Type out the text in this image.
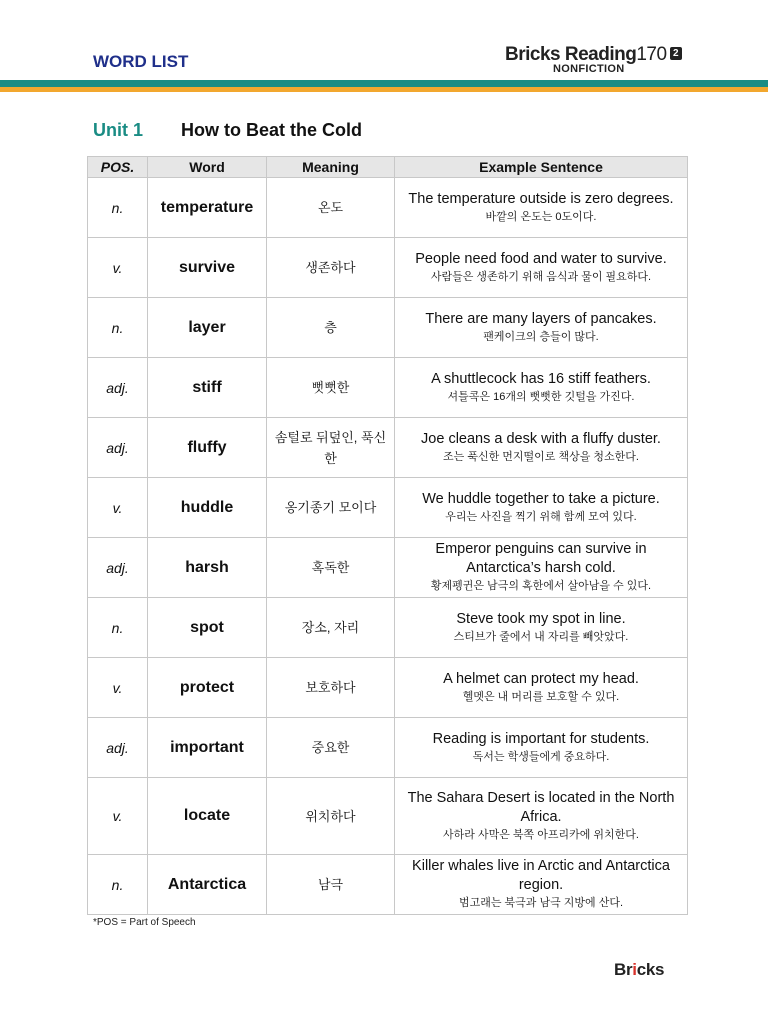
WORD LIST	Bricks Reading170 2
NONFICTION
Unit 1 How to Beat the Cold
POS.	Word	Meaning	Example Sentence
n.	temperature	온도	The temperature outside is zero degrees.
바깥의 온도는 0도이다.

v.	survive	생존하다	People need food and water to survive.
사람들은 생존하기 위해 음식과 물이 필요하다.

n.	layer	층	There are many layers of pancakes.
팬케이크의 층들이 많다.

adj.	stiff	뻣뻣한	A shuttlecock has 16 stiff feathers.
셔틀콕은 16개의 뻣뻣한 깃털을 가진다.

adj.	fluffy	솜털로 뒤덮인, 푹신한	Joe cleans a desk with a fluffy duster.
조는 푹신한 먼지떨이로 책상을 청소한다.

v.	huddle	옹기종기 모이다	We huddle together to take a picture.
우리는 사진을 찍기 위해 함께 모여 있다.

adj.	harsh	혹독한	Emperor penguins can survive in Antarctica’s harsh cold.
황제펭귄은 남극의 혹한에서 살아남을 수 있다.

n.	spot	장소, 자리	Steve took my spot in line.
스티브가 줄에서 내 자리를 빼앗았다.

v.	protect	보호하다	A helmet can protect my head.
헬멧은 내 머리를 보호할 수 있다.

adj.	important	중요한	Reading is important for students.
독서는 학생들에게 중요하다.

v.	locate	위치하다	The Sahara Desert is located in the North Africa.
사하라 사막은 북쪽 아프리카에 위치한다.

n.	Antarctica	남극	Killer whales live in Arctic and Antarctica region.
범고래는 북극과 남극 지방에 산다.
*POS = Part of Speech
Bricks
